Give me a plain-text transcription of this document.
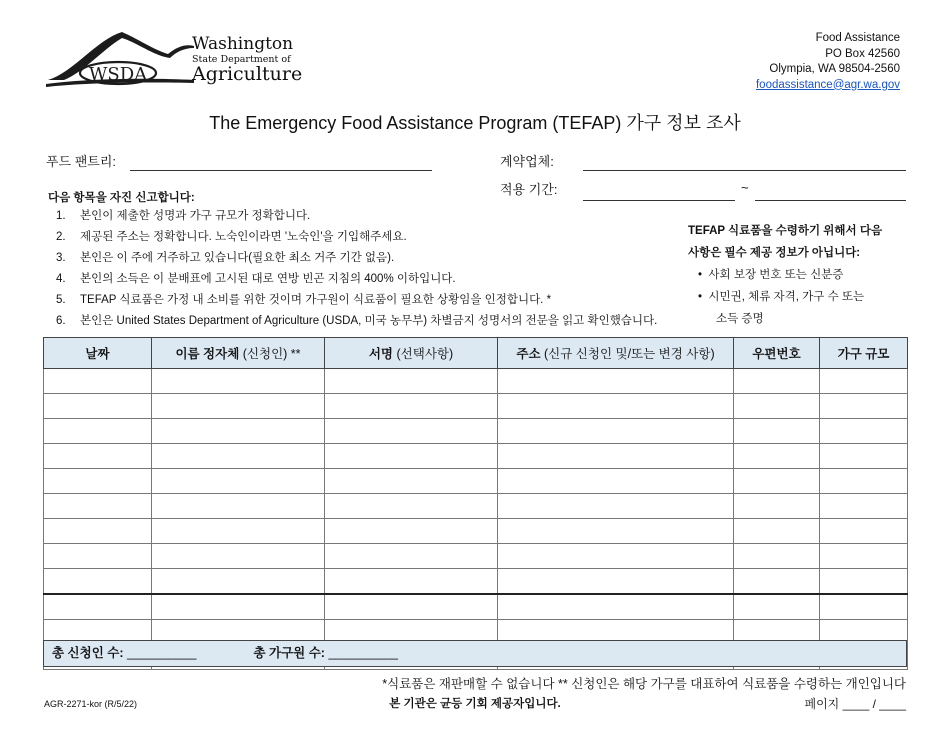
WSDA
Washington
State Department of
Agriculture
Food Assistance
PO Box 42560
Olympia, WA 98504-2560
foodassistance@agr.wa.gov
The Emergency Food Assistance Program (TEFAP) 가구 정보 조사
푸드 팬트리:	계약업체:
적용 기간:	~
다음 항목을 자진 신고합니다:
1. 본인이 제출한 성명과 가구 규모가 정확합니다.
2. 제공된 주소는 정확합니다. 노숙인이라면 '노숙인'을 기입해주세요.
3. 본인은 이 주에 거주하고 있습니다(필요한 최소 거주 기간 없음).
4. 본인의 소득은 이 분배표에 고시된 대로 연방 빈곤 지침의 400% 이하입니다.
5. TEFAP 식료품은 가정 내 소비를 위한 것이며 가구원이 식료품이 필요한 상황임을 인정합니다. *
6. 본인은 United States Department of Agriculture (USDA, 미국 농무부) 차별금지 성명서의 전문을 읽고 확인했습니다.
TEFAP 식료품을 수령하기 위해서 다음
사항은 필수 제공 정보가 아닙니다:
•  사회 보장 번호 또는 신분증
•  시민권, 체류 자격, 가구 수 또는
소득 증명
날짜	이름 정자체 (신청인) **	서명 (선택사항)	주소 (신규 신청인 및/또는 변경 사항)	우편번호	가구 규모

총 신청인 수: __________	총 가구원 수: __________
*식료품은 재판매할 수 없습니다 ** 신청인은 해당 가구를 대표하여 식료품을 수령하는 개인입니다
AGR-2271-kor (R/5/22)	본 기관은 균등 기회 제공자입니다.	페이지 ____ / ____
